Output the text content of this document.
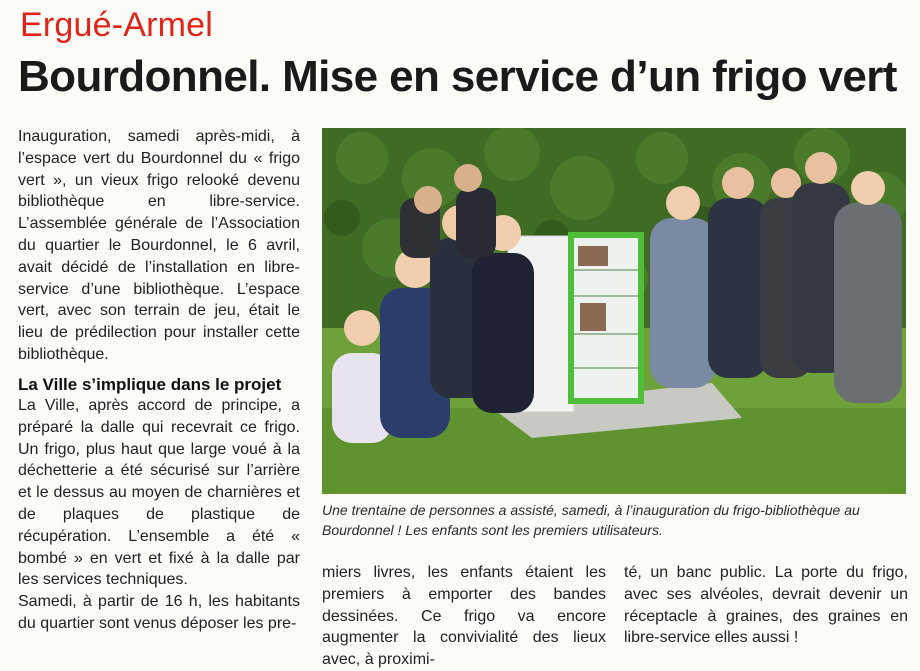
Ergué-Armel
Bourdonnel. Mise en service d’un frigo vert

Inauguration, samedi après-midi, à l’espace vert du Bourdonnel du « frigo vert », un vieux frigo relooké devenu bibliothèque en libre-service. L’assemblée générale de l’Association du quartier le Bourdonnel, le 6 avril, avait décidé de l’installation en libre-service d’une bibliothèque. L’espace vert, avec son terrain de jeu, était le lieu de prédilection pour installer cette bibliothèque.

La Ville s’implique dans le projet

La Ville, après accord de principe, a préparé la dalle qui recevrait ce frigo. Un frigo, plus haut que large voué à la déchetterie a été sécurisé sur l’arrière et le dessus au moyen de charnières et de plaques de plastique de récupération. L’ensemble a été « bombé » en vert et fixé à la dalle par les services techniques.

Samedi, à partir de 16 h, les habitants du quartier sont venus déposer les pre-

Une trentaine de personnes a assisté, samedi, à l’inauguration du frigo-bibliothèque au Bourdonnel ! Les enfants sont les premiers utilisateurs.
miers livres, les enfants étaient les premiers à emporter des bandes dessinées. Ce frigo va encore augmenter la convivialité des lieux avec, à proximi-
té, un banc public. La porte du frigo, avec ses alvéoles, devrait devenir un réceptacle à graines, des graines en libre-service elles aussi !
